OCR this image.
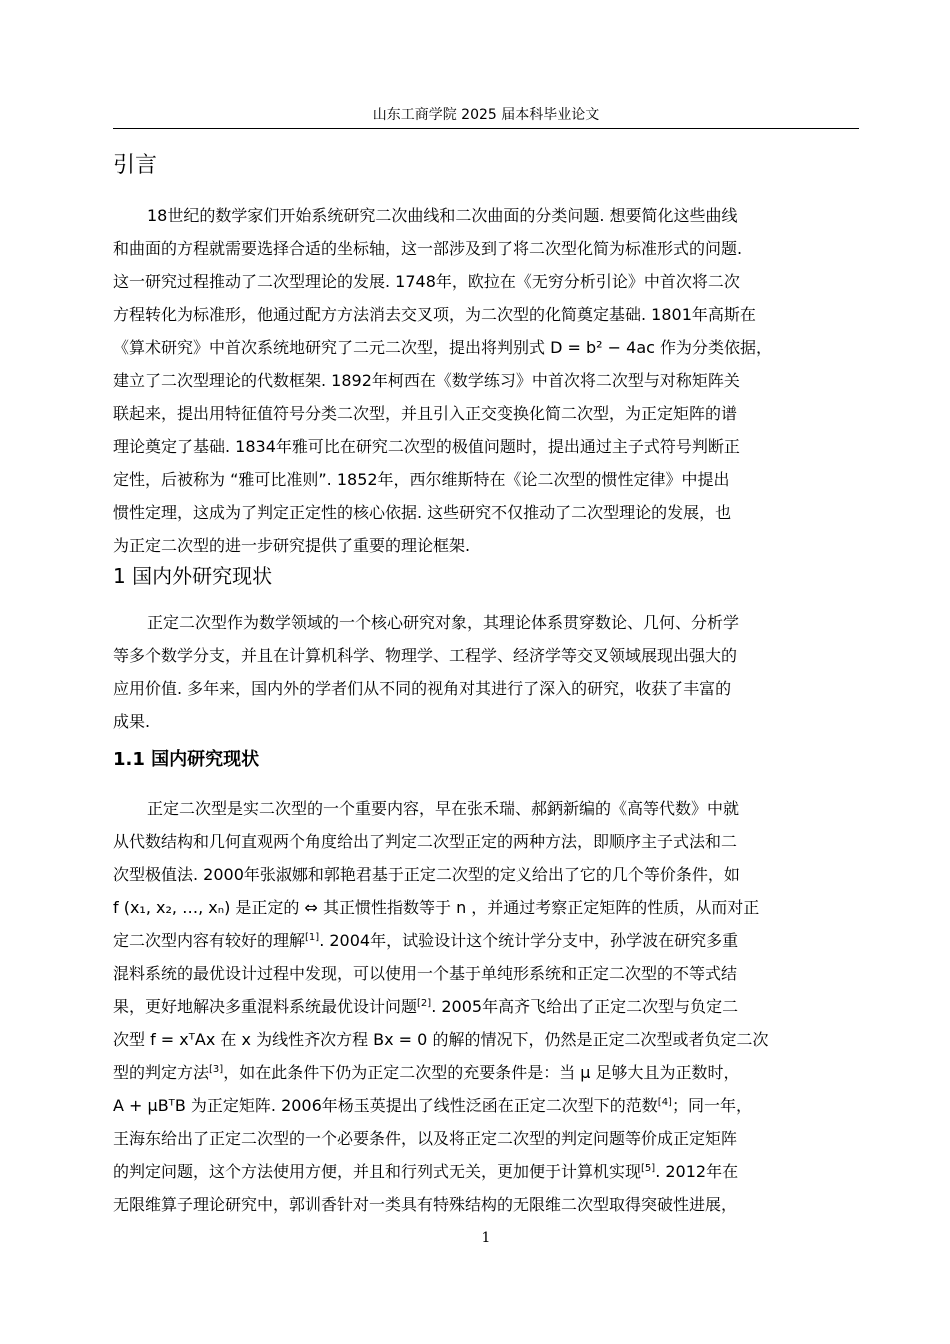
山东工商学院 2025 届本科毕业论文
引言
18世纪的数学家们开始系统研究二次曲线和二次曲面的分类问题. 想要简化这些曲线
和曲面的方程就需要选择合适的坐标轴，这一部涉及到了将二次型化简为标准形式的问题.
这一研究过程推动了二次型理论的发展. 1748年，欧拉在《无穷分析引论》中首次将二次
方程转化为标准形，他通过配方方法消去交叉项，为二次型的化简奠定基础. 1801年高斯在
《算术研究》中首次系统地研究了二元二次型，提出将判别式 D = b² − 4ac 作为分类依据，
建立了二次型理论的代数框架. 1892年柯西在《数学练习》中首次将二次型与对称矩阵关
联起来，提出用特征值符号分类二次型，并且引入正交变换化简二次型，为正定矩阵的谱
理论奠定了基础. 1834年雅可比在研究二次型的极值问题时，提出通过主子式符号判断正
定性，后被称为 “雅可比准则”. 1852年，西尔维斯特在《论二次型的惯性定律》中提出
惯性定理，这成为了判定正定性的核心依据. 这些研究不仅推动了二次型理论的发展，也
为正定二次型的进一步研究提供了重要的理论框架.
1 国内外研究现状
正定二次型作为数学领域的一个核心研究对象，其理论体系贯穿数论、几何、分析学
等多个数学分支，并且在计算机科学、物理学、工程学、经济学等交叉领域展现出强大的
应用价值. 多年来，国内外的学者们从不同的视角对其进行了深入的研究，收获了丰富的
成果.
1.1 国内研究现状
正定二次型是实二次型的一个重要内容，早在张禾瑞、郝鈵新编的《高等代数》中就
从代数结构和几何直观两个角度给出了判定二次型正定的两种方法，即顺序主子式法和二
次型极值法. 2000年张淑娜和郭艳君基于正定二次型的定义给出了它的几个等价条件，如
f (x₁, x₂, …, xₙ) 是正定的 ⇔ 其正惯性指数等于 n ，并通过考察正定矩阵的性质，从而对正
定二次型内容有较好的理解[1]. 2004年，试验设计这个统计学分支中，孙学波在研究多重
混料系统的最优设计过程中发现，可以使用一个基于单纯形系统和正定二次型的不等式结
果，更好地解决多重混料系统最优设计问题[2]. 2005年高齐飞给出了正定二次型与负定二
次型 f = xᵀAx 在 x 为线性齐次方程 Bx = 0 的解的情况下，仍然是正定二次型或者负定二次
型的判定方法[3]，如在此条件下仍为正定二次型的充要条件是：当 μ 足够大且为正数时，
A + μBᵀB 为正定矩阵. 2006年杨玉英提出了线性泛函在正定二次型下的范数[4]；同一年，
王海东给出了正定二次型的一个必要条件，以及将正定二次型的判定问题等价成正定矩阵
的判定问题，这个方法使用方便，并且和行列式无关，更加便于计算机实现[5]. 2012年在
无限维算子理论研究中，郭训香针对一类具有特殊结构的无限维二次型取得突破性进展，
1
